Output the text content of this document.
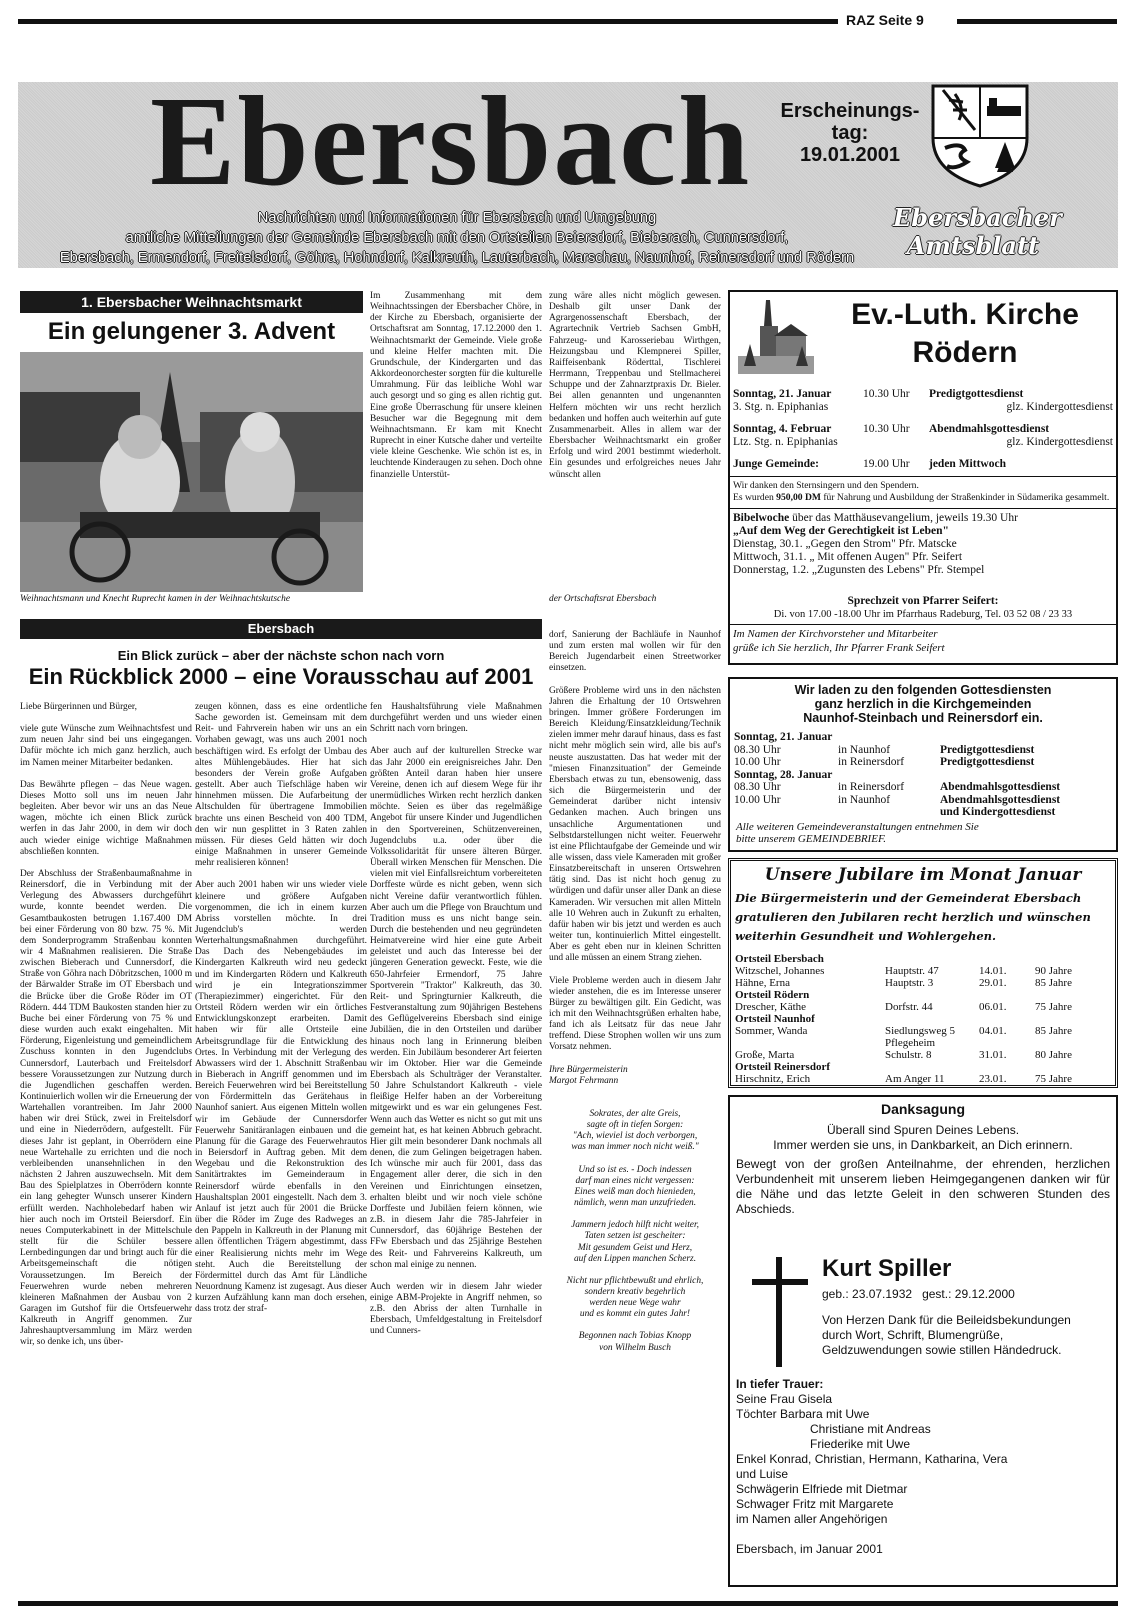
RAZ Seite 9
Ebersbach Erscheinungs-
tag:
19.01.2001
Nachrichten und Informationen für Ebersbach und Umgebung
amtliche Mitteilungen der Gemeinde Ebersbach mit den Ortsteilen Beiersdorf, Bieberach, Cunnersdorf,
Ebersbach, Ermendorf, Freitelsdorf, Göhra, Hohndorf, Kalkreuth, Lauterbach, Marschau, Naunhof, Reinersdorf und Rödern
Ebersbacher
Amtsblatt
1. Ebersbacher Weihnachtsmarkt
Ein gelungener 3. Advent
Weihnachtsmann und Knecht Ruprecht kamen in der Weihnachtskutsche

Im Zusammenhang mit dem Weihnachtssingen der Ebersbacher Chöre, in der Kirche zu Ebersbach, organisierte der Ortschaftsrat am Sonntag, 17.12.2000 den 1. Weihnachtsmarkt der Gemeinde. Viele große und kleine Helfer machten mit. Die Grundschule, der Kindergarten und das Akkordeonorchester sorgten für die kulturelle Umrahmung. Für das leibliche Wohl war auch gesorgt und so ging es allen richtig gut. Eine große Überraschung für unsere kleinen Besucher war die Begegnung mit dem Weihnachtsmann. Er kam mit Knecht Ruprecht in einer Kutsche daher und verteilte viele kleine Geschenke. Wie schön ist es, in leuchtende Kinderaugen zu sehen. Doch ohne finanzielle Unterstüt-

zung wäre alles nicht möglich gewesen. Deshalb gilt unser Dank der Agrargenossenschaft Ebersbach, der Agrartechnik Vertrieb Sachsen GmbH, Fahrzeug- und Karosseriebau Wirthgen, Heizungsbau und Klempnerei Spiller, Raiffeisenbank Röderttal, Tischlerei Herrmann, Treppenbau und Stellmacherei Schuppe und der Zahnarztpraxis Dr. Bieler. Bei allen genannten und ungenannten Helfern möchten wir uns recht herzlich bedanken und hoffen auch weiterhin auf gute Zusammenarbeit. Alles in allem war der Ebersbacher Weihnachtsmarkt ein großer Erfolg und wird 2001 bestimmt wiederholt. Ein gesundes und erfolgreiches neues Jahr wünscht allen

der Ortschaftsrat Ebersbach
Ebersbach
Ein Blick zurück – aber der nächste schon nach vorn
Ein Rückblick 2000 – eine Vorausschau auf 2001

Liebe Bürgerinnen und Bürger,

viele gute Wünsche zum Weihnachtsfest und zum neuen Jahr sind bei uns eingegangen. Dafür möchte ich mich ganz herzlich, auch im Namen meiner Mitarbeiter bedanken.

Das Bewährte pflegen – das Neue wagen. Dieses Motto soll uns im neuen Jahr begleiten. Aber bevor wir uns an das Neue wagen, möchte ich einen Blick zurück werfen in das Jahr 2000, in dem wir doch auch wieder einige wichtige Maßnahmen abschließen konnten.

Der Abschluss der Straßenbaumaßnahme in Reinersdorf, die in Verbindung mit der Verlegung des Abwassers durchgeführt wurde, konnte beendet werden. Die Gesamtbaukosten betrugen 1.167.400 DM bei einer Förderung von 80 bzw. 75 %. Mit dem Sonderprogramm Straßenbau konnten wir 4 Maßnahmen realisieren. Die Straße zwischen Bieberach und Cunnersdorf, die Straße von Göhra nach Döbritzschen, 1000 m der Bärwalder Straße im OT Ebersbach und die Brücke über die Große Röder im OT Rödern. 444 TDM Baukosten standen hier zu Buche bei einer Förderung von 75 % und diese wurden auch exakt eingehalten. Mit Förderung, Eigenleistung und gemeindlichem Zuschuss konnten in den Jugendclubs Cunnersdorf, Lauterbach und Freitelsdorf bessere Voraussetzungen zur Nutzung durch die Jugendlichen geschaffen werden. Kontinuierlich wollen wir die Erneuerung der Wartehallen vorantreiben. Im Jahr 2000 haben wir drei Stück, zwei in Freitelsdorf und eine in Niederrödern, aufgestellt. Für dieses Jahr ist geplant, in Oberrödern eine neue Wartehalle zu errichten und die noch verbleibenden unansehnlichen in den nächsten 2 Jahren auszuwechseln. Mit dem Bau des Spielplatzes in Oberrödern konnte ein lang gehegter Wunsch unserer Kindern erfüllt werden. Nachholebedarf haben wir hier auch noch im Ortsteil Beiersdorf. Ein neues Computerkabinett in der Mittelschule stellt für die Schüler bessere Lernbedingungen dar und bringt auch für die Arbeitsgemeinschaft die nötigen Voraussetzungen. Im Bereich der Feuerwehren wurde neben mehreren kleineren Maßnahmen der Ausbau von 2 Garagen im Gutshof für die Ortsfeuerwehr Kalkreuth in Angriff genommen. Zur Jahreshauptversammlung im März werden wir, so denke ich, uns über-

zeugen können, dass es eine ordentliche Sache geworden ist. Gemeinsam mit dem Reit- und Fahrverein haben wir uns an ein Vorhaben gewagt, was uns auch 2001 noch beschäftigen wird. Es erfolgt der Umbau des altes Mühlengebäudes. Hier hat sich besonders der Verein große Aufgaben gestellt. Aber auch Tiefschläge haben wir hinnehmen müssen. Die Aufarbeitung der Altschulden für übertragene Immobilien brachte uns einen Bescheid von 400 TDM, den wir nun gesplittet in 3 Raten zahlen müssen. Für dieses Geld hätten wir doch einige Maßnahmen in unserer Gemeinde mehr realisieren können!

Aber auch 2001 haben wir uns wieder viele kleinere und größere Aufgaben vorgenommen, die ich in einem kurzen Abriss vorstellen möchte. In drei Jugendclub's werden Werterhaltungsmaßnahmen durchgeführt. Das Dach des Nebengebäudes im Kindergarten Kalkreuth wird neu gedeckt und im Kindergarten Rödern und Kalkreuth wird je ein Integrationszimmer (Therapiezimmer) eingerichtet. Für den Ortsteil Rödern werden wir ein örtliches Entwicklungskonzept erarbeiten. Damit haben wir für alle Ortsteile eine Arbeitsgrundlage für die Entwicklung des Ortes. In Verbindung mit der Verlegung des Abwassers wird der 1. Abschnitt Straßenbau in Bieberach in Angriff genommen und im Bereich Feuerwehren wird bei Bereitstellung von Fördermitteln das Gerätehaus in Naunhof saniert. Aus eigenen Mitteln wollen wir im Gebäude der Cunnersdorfer Feuerwehr Sanitäranlagen einbauen und die Planung für die Garage des Feuerwehrautos in Beiersdorf in Auftrag geben. Mit dem Wegebau und die Rekonstruktion des Sanitärtraktes im Gemeinderaum in Reinersdorf würde ebenfalls in den Haushaltsplan 2001 eingestellt. Nach dem 3. Anlauf ist jetzt auch für 2001 die Brücke über die Röder im Zuge des Radweges an den Pappeln in Kalkreuth in der Planung mit allen öffentlichen Trägern abgestimmt, dass einer Realisierung nichts mehr im Wege steht. Auch die Bereitstellung der Fördermittel durch das Amt für Ländliche Neuordnung Kamenz ist zugesagt. Aus dieser kurzen Aufzählung kann man doch ersehen, dass trotz der straf-

fen Haushaltsführung viele Maßnahmen durchgeführt werden und uns wieder einen Schritt nach vorn bringen.

Aber auch auf der kulturellen Strecke war das Jahr 2000 ein ereignisreiches Jahr. Den größten Anteil daran haben hier unsere Vereine, denen ich auf diesem Wege für ihr unermüdliches Wirken recht herzlich danken möchte. Seien es über das regelmäßige Angebot für unsere Kinder und Jugendlichen in den Sportvereinen, Schützenvereinen, Jugendclubs u.a. oder über die Volkssolidarität für unsere älteren Bürger. Überall wirken Menschen für Menschen. Die vielen mit viel Einfallsreichtum vorbereiteten Dorffeste würde es nicht geben, wenn sich nicht Vereine dafür verantwortlich fühlen. Aber auch um die Pflege von Brauchtum und Tradition muss es uns nicht bange sein. Durch die bestehenden und neu gegründeten Heimatvereine wird hier eine gute Arbeit geleistet und auch das Interesse bei der jüngeren Generation geweckt. Feste, wie die 650-Jahrfeier Ermendorf, 75 Jahre Sportverein "Traktor" Kalkreuth, das 30. Reit- und Springturnier Kalkreuth, die Festveranstaltung zum 90jährigen Bestehens des Geflügelvereins Ebersbach sind einige Jubiläen, die in den Ortsteilen und darüber hinaus noch lang in Erinnerung bleiben werden. Ein Jubiläum besonderer Art feierten wir im Oktober. Hier war die Gemeinde Ebersbach als Schulträger der Veranstalter. 50 Jahre Schulstandort Kalkreuth - viele fleißige Helfer haben an der Vorbereitung mitgewirkt und es war ein gelungenes Fest. Wenn auch das Wetter es nicht so gut mit uns gemeint hat, es hat keinen Abbruch gebracht. Hier gilt mein besonderer Dank nochmals all denen, die zum Gelingen beigetragen haben. Ich wünsche mir auch für 2001, dass das Engagement aller derer, die sich in den Vereinen und Einrichtungen einsetzen, erhalten bleibt und wir noch viele schöne Dorffeste und Jubiläen feiern können, wie z.B. in diesem Jahr die 785-Jahrfeier in Cunnersdorf, das 60jährige Bestehen der FFw Ebersbach und das 25jährige Bestehen des Reit- und Fahrvereins Kalkreuth, um schon mal einige zu nennen.

Auch werden wir in diesem Jahr wieder einige ABM-Projekte in Angriff nehmen, so z.B. den Abriss der alten Turnhalle in Ebersbach, Umfeldgestaltung in Freitelsdorf und Cunners-

dorf, Sanierung der Bachläufe in Naunhof und zum ersten mal wollen wir für den Bereich Jugendarbeit einen Streetworker einsetzen.

Größere Probleme wird uns in den nächsten Jahren die Erhaltung der 10 Ortswehren bringen. Immer größere Forderungen im Bereich Kleidung/Einsatzkleidung/Technik zielen immer mehr darauf hinaus, dass es fast nicht mehr möglich sein wird, alle bis auf's neuste auszustatten. Das hat weder mit der "miesen Finanzsituation" der Gemeinde Ebersbach etwas zu tun, ebensowenig, dass sich die Bürgermeisterin und der Gemeinderat darüber nicht intensiv Gedanken machen. Auch bringen uns unsachliche Argumentationen und Selbstdarstellungen nicht weiter. Feuerwehr ist eine Pflichtaufgabe der Gemeinde und wir alle wissen, dass viele Kameraden mit großer Einsatzbereitschaft in unseren Ortswehren tätig sind. Das ist nicht hoch genug zu würdigen und dafür unser aller Dank an diese Kameraden. Wir versuchen mit allen Mitteln alle 10 Wehren auch in Zukunft zu erhalten, dafür haben wir bis jetzt und werden es auch weiter tun, kontinuierlich Mittel eingestellt. Aber es geht eben nur in kleinen Schritten und alle müssen an einem Strang ziehen.

Viele Probleme werden auch in diesem Jahr wieder anstehen, die es im Interesse unserer Bürger zu bewältigen gilt. Ein Gedicht, was ich mit den Weihnachtsgrüßen erhalten habe, fand ich als Leitsatz für das neue Jahr treffend. Diese Strophen wollen wir uns zum Vorsatz nehmen.

Ihre Bürgermeisterin

Margot Fehrmann

Sokrates, der alte Greis,
sagte oft in tiefen Sorgen:
"Ach, wieviel ist doch verborgen,
was man immer noch nicht weiß."
Und so ist es. - Doch indessen
darf man eines nicht vergessen:
Eines weiß man doch hienieden,
nämlich, wenn man unzufrieden.
Jammern jedoch hilft nicht weiter,
Taten setzen ist gescheiter:
Mit gesundem Geist und Herz,
auf den Lippen manchen Scherz.
Nicht nur pflichtbewußt und ehrlich,
sondern kreativ begehrlich
werden neue Wege wahr
und es kommt ein gutes Jahr!
Begonnen nach Tobias Knopp
von Wilhelm Busch
Ev.-Luth. Kirche
Rödern
Sonntag, 21. Januar	10.30 Uhr Predigtgottesdienst
3. Stg. n. Epiphanias	glz. Kindergottesdienst
Sonntag, 4. Februar	10.30 Uhr Abendmahlsgottesdienst
Ltz. Stg. n. Epiphanias	glz. Kindergottesdienst
Junge Gemeinde:	19.00 Uhr jeden Mittwoch
Wir danken den Sternsingern und den Spendern.
Es wurden 950,00 DM für Nahrung und Ausbildung der Straßenkinder in Südamerika gesammelt.
Bibelwoche über das Matthäusevangelium, jeweils 19.30 Uhr
„Auf dem Weg der Gerechtigkeit ist Leben"
Dienstag, 30.1. „Gegen den Strom" Pfr. Matscke
Mittwoch, 31.1. „ Mit offenen Augen" Pfr. Seifert
Donnerstag, 1.2. „Zugunsten des Lebens" Pfr. Stempel
Sprechzeit von Pfarrer Seifert:
Di. von 17.00 -18.00 Uhr im Pfarrhaus Radeburg, Tel. 03 52 08 / 23 33
Im Namen der Kirchvorsteher und Mitarbeiter
grüße ich Sie herzlich, Ihr Pfarrer Frank Seifert
Wir laden zu den folgenden Gottesdiensten
ganz herzlich in die Kirchgemeinden
Naunhof-Steinbach und Reinersdorf ein.
Sonntag, 21. Januar
08.30 Uhr	in Naunhof	Predigtgottesdienst
10.00 Uhr	in Reinersdorf	Predigtgottesdienst
Sonntag, 28. Januar
08.30 Uhr	in Reinersdorf	Abendmahlsgottesdienst
10.00 Uhr	in Naunhof	Abendmahlsgottesdienst
und Kindergottesdienst
Alle weiteren Gemeindeveranstaltungen entnehmen Sie
bitte unserem GEMEINDEBRIEF.
Unsere Jubilare im Monat Januar
Die Bürgermeisterin und der Gemeinderat Ebersbach gratulieren den Jubilaren recht herzlich und wünschen weiterhin Gesundheit und Wohlergehen.
Ortsteil Ebersbach
Witzschel, Johannes	Hauptstr. 47	14.01.	90 Jahre
Hähne, Erna	Hauptstr. 3	29.01.	85 Jahre
Ortsteil Rödern
Drescher, Käthe	Dorfstr. 44	06.01.	75 Jahre
Ortsteil Naunhof
Sommer, Wanda	Siedlungsweg 5 04.01.	85 Jahre
Pflegeheim
Große, Marta	Schulstr. 8	31.01.	80 Jahre
Ortsteil Reinersdorf
Hirschnitz, Erich	Am Anger 11	23.01.	75 Jahre
Danksagung
Überall sind Spuren Deines Lebens.
Immer werden sie uns, in Dankbarkeit, an Dich erinnern.
Bewegt von der großen Anteilnahme, der ehrenden, herzlichen Verbundenheit mit unserem lieben Heimgegangenen danken wir für die Nähe und das letzte Geleit in den schweren Stunden des Abschieds.
Kurt Spiller
geb.: 23.07.1932   gest.: 29.12.2000
Von Herzen Dank für die Beileidsbekundungen durch Wort, Schrift, Blumengrüße, Geldzuwendungen sowie stillen Händedruck.
In tiefer Trauer:
Seine Frau Gisela
Töchter Barbara mit Uwe
Christiane mit Andreas
Friederike mit Uwe
Enkel Konrad, Christian, Hermann, Katharina, Vera
und Luise
Schwägerin Elfriede mit Dietmar
Schwager Fritz mit Margarete
im Namen aller Angehörigen
Ebersbach, im Januar 2001
